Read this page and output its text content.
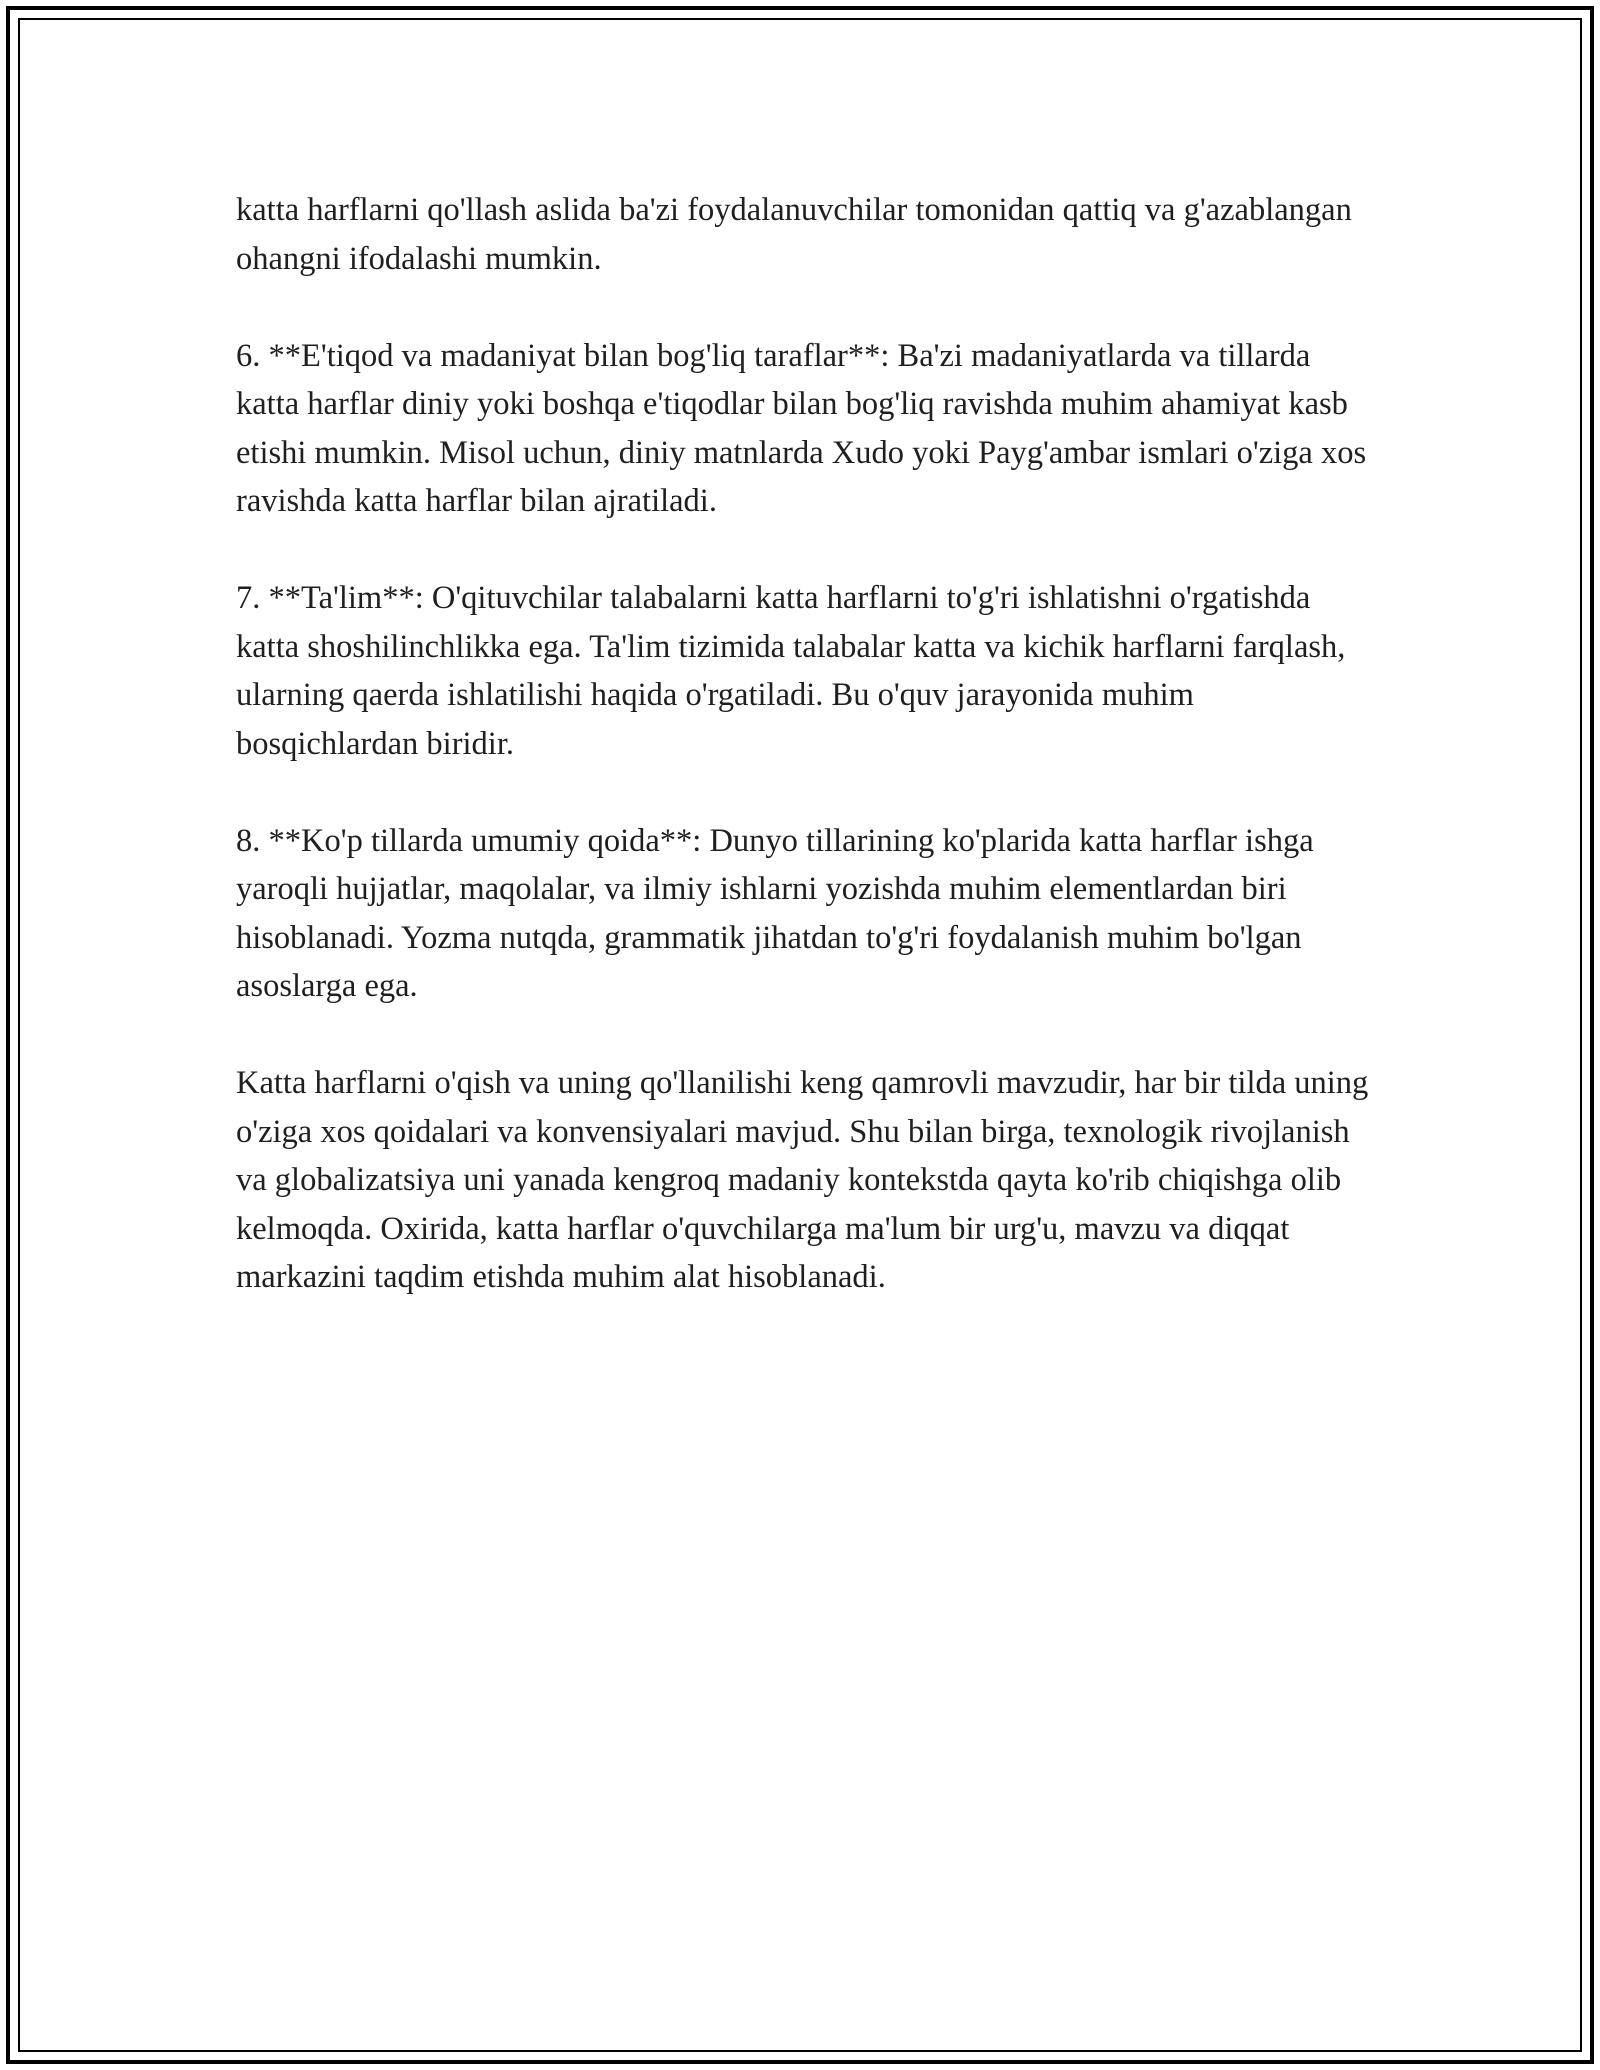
katta harflarni qo'llash aslida ba'zi foydalanuvchilar tomonidan qattiq va g'azablangan ohangni ifodalashi mumkin.

6. **E'tiqod va madaniyat bilan bog'liq taraflar**: Ba'zi madaniyatlarda va tillarda katta harflar diniy yoki boshqa e'tiqodlar bilan bog'liq ravishda muhim ahamiyat kasb etishi mumkin. Misol uchun, diniy matnlarda Xudo yoki Payg'ambar ismlari o'ziga xos ravishda katta harflar bilan ajratiladi.

7. **Ta'lim**: O'qituvchilar talabalarni katta harflarni to'g'ri ishlatishni o'rgatishda katta shoshilinchlikka ega. Ta'lim tizimida talabalar katta va kichik harflarni farqlash, ularning qaerda ishlatilishi haqida o'rgatiladi. Bu o'quv jarayonida muhim bosqichlardan biridir.

8. **Ko'p tillarda umumiy qoida**: Dunyo tillarining ko'plarida katta harflar ishga yaroqli hujjatlar, maqolalar, va ilmiy ishlarni yozishda muhim elementlardan biri hisoblanadi. Yozma nutqda, grammatik jihatdan to'g'ri foydalanish muhim bo'lgan asoslarga ega.

Katta harflarni o'qish va uning qo'llanilishi keng qamrovli mavzudir, har bir tilda uning o'ziga xos qoidalari va konvensiyalari mavjud. Shu bilan birga, texnologik rivojlanish va globalizatsiya uni yanada kengroq madaniy kontekstda qayta ko'rib chiqishga olib kelmoqda. Oxirida, katta harflar o'quvchilarga ma'lum bir urg'u, mavzu va diqqat markazini taqdim etishda muhim alat hisoblanadi.
